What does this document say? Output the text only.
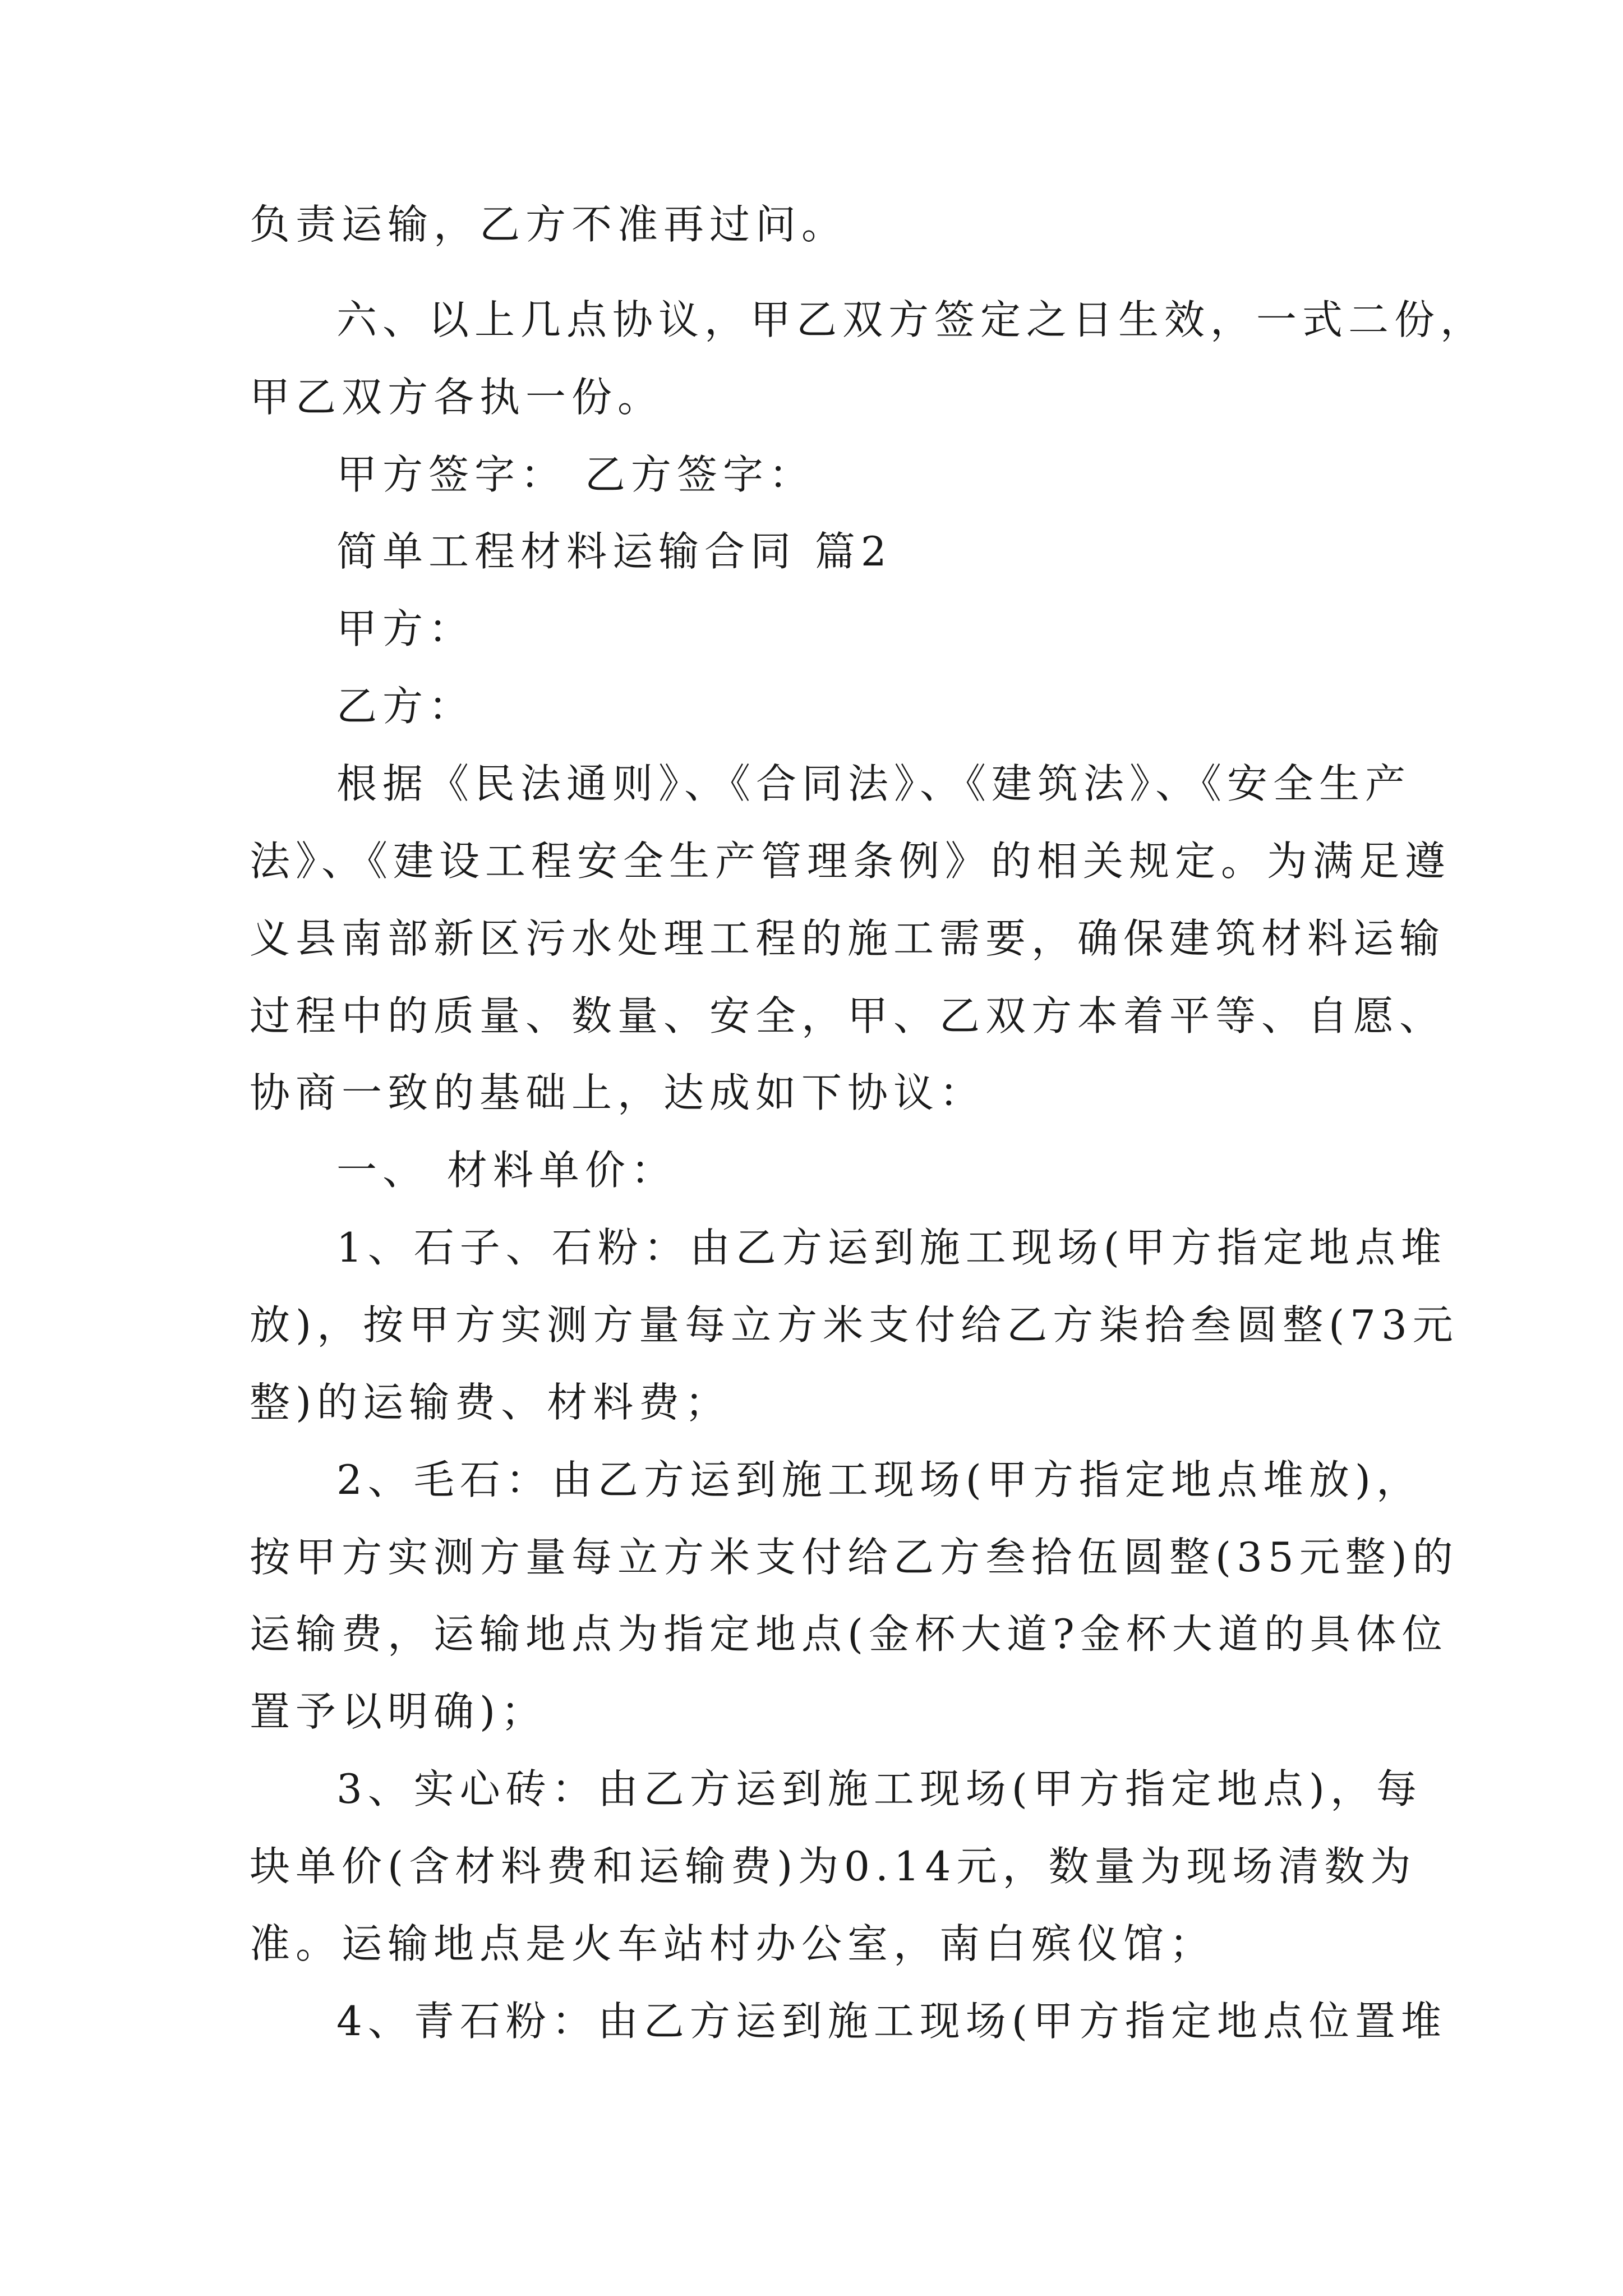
负责运输，乙方不准再过问。
六、以上几点协议，甲乙双方签定之日生效，一式二份，
甲乙双方各执一份。
甲方签字： 乙方签字：
简单工程材料运输合同 篇2
甲方：
乙方：
根据《民法通则》、《合同法》、《建筑法》、《安全生产
法》、《建设工程安全生产管理条例》的相关规定。为满足遵
义县南部新区污水处理工程的施工需要，确保建筑材料运输
过程中的质量、数量、安全，甲、乙双方本着平等、自愿、
协商一致的基础上，达成如下协议：
一、 材料单价：
1、石子、石粉：由乙方运到施工现场(甲方指定地点堆
放)，按甲方实测方量每立方米支付给乙方柒拾叁圆整(73元
整)的运输费、材料费；
2、毛石：由乙方运到施工现场(甲方指定地点堆放)，
按甲方实测方量每立方米支付给乙方叁拾伍圆整(35元整)的
运输费，运输地点为指定地点(金杯大道?金杯大道的具体位
置予以明确)；
3、实心砖：由乙方运到施工现场(甲方指定地点)，每
块单价(含材料费和运输费)为0.14元，数量为现场清数为
准。运输地点是火车站村办公室，南白殡仪馆；
4、青石粉：由乙方运到施工现场(甲方指定地点位置堆
